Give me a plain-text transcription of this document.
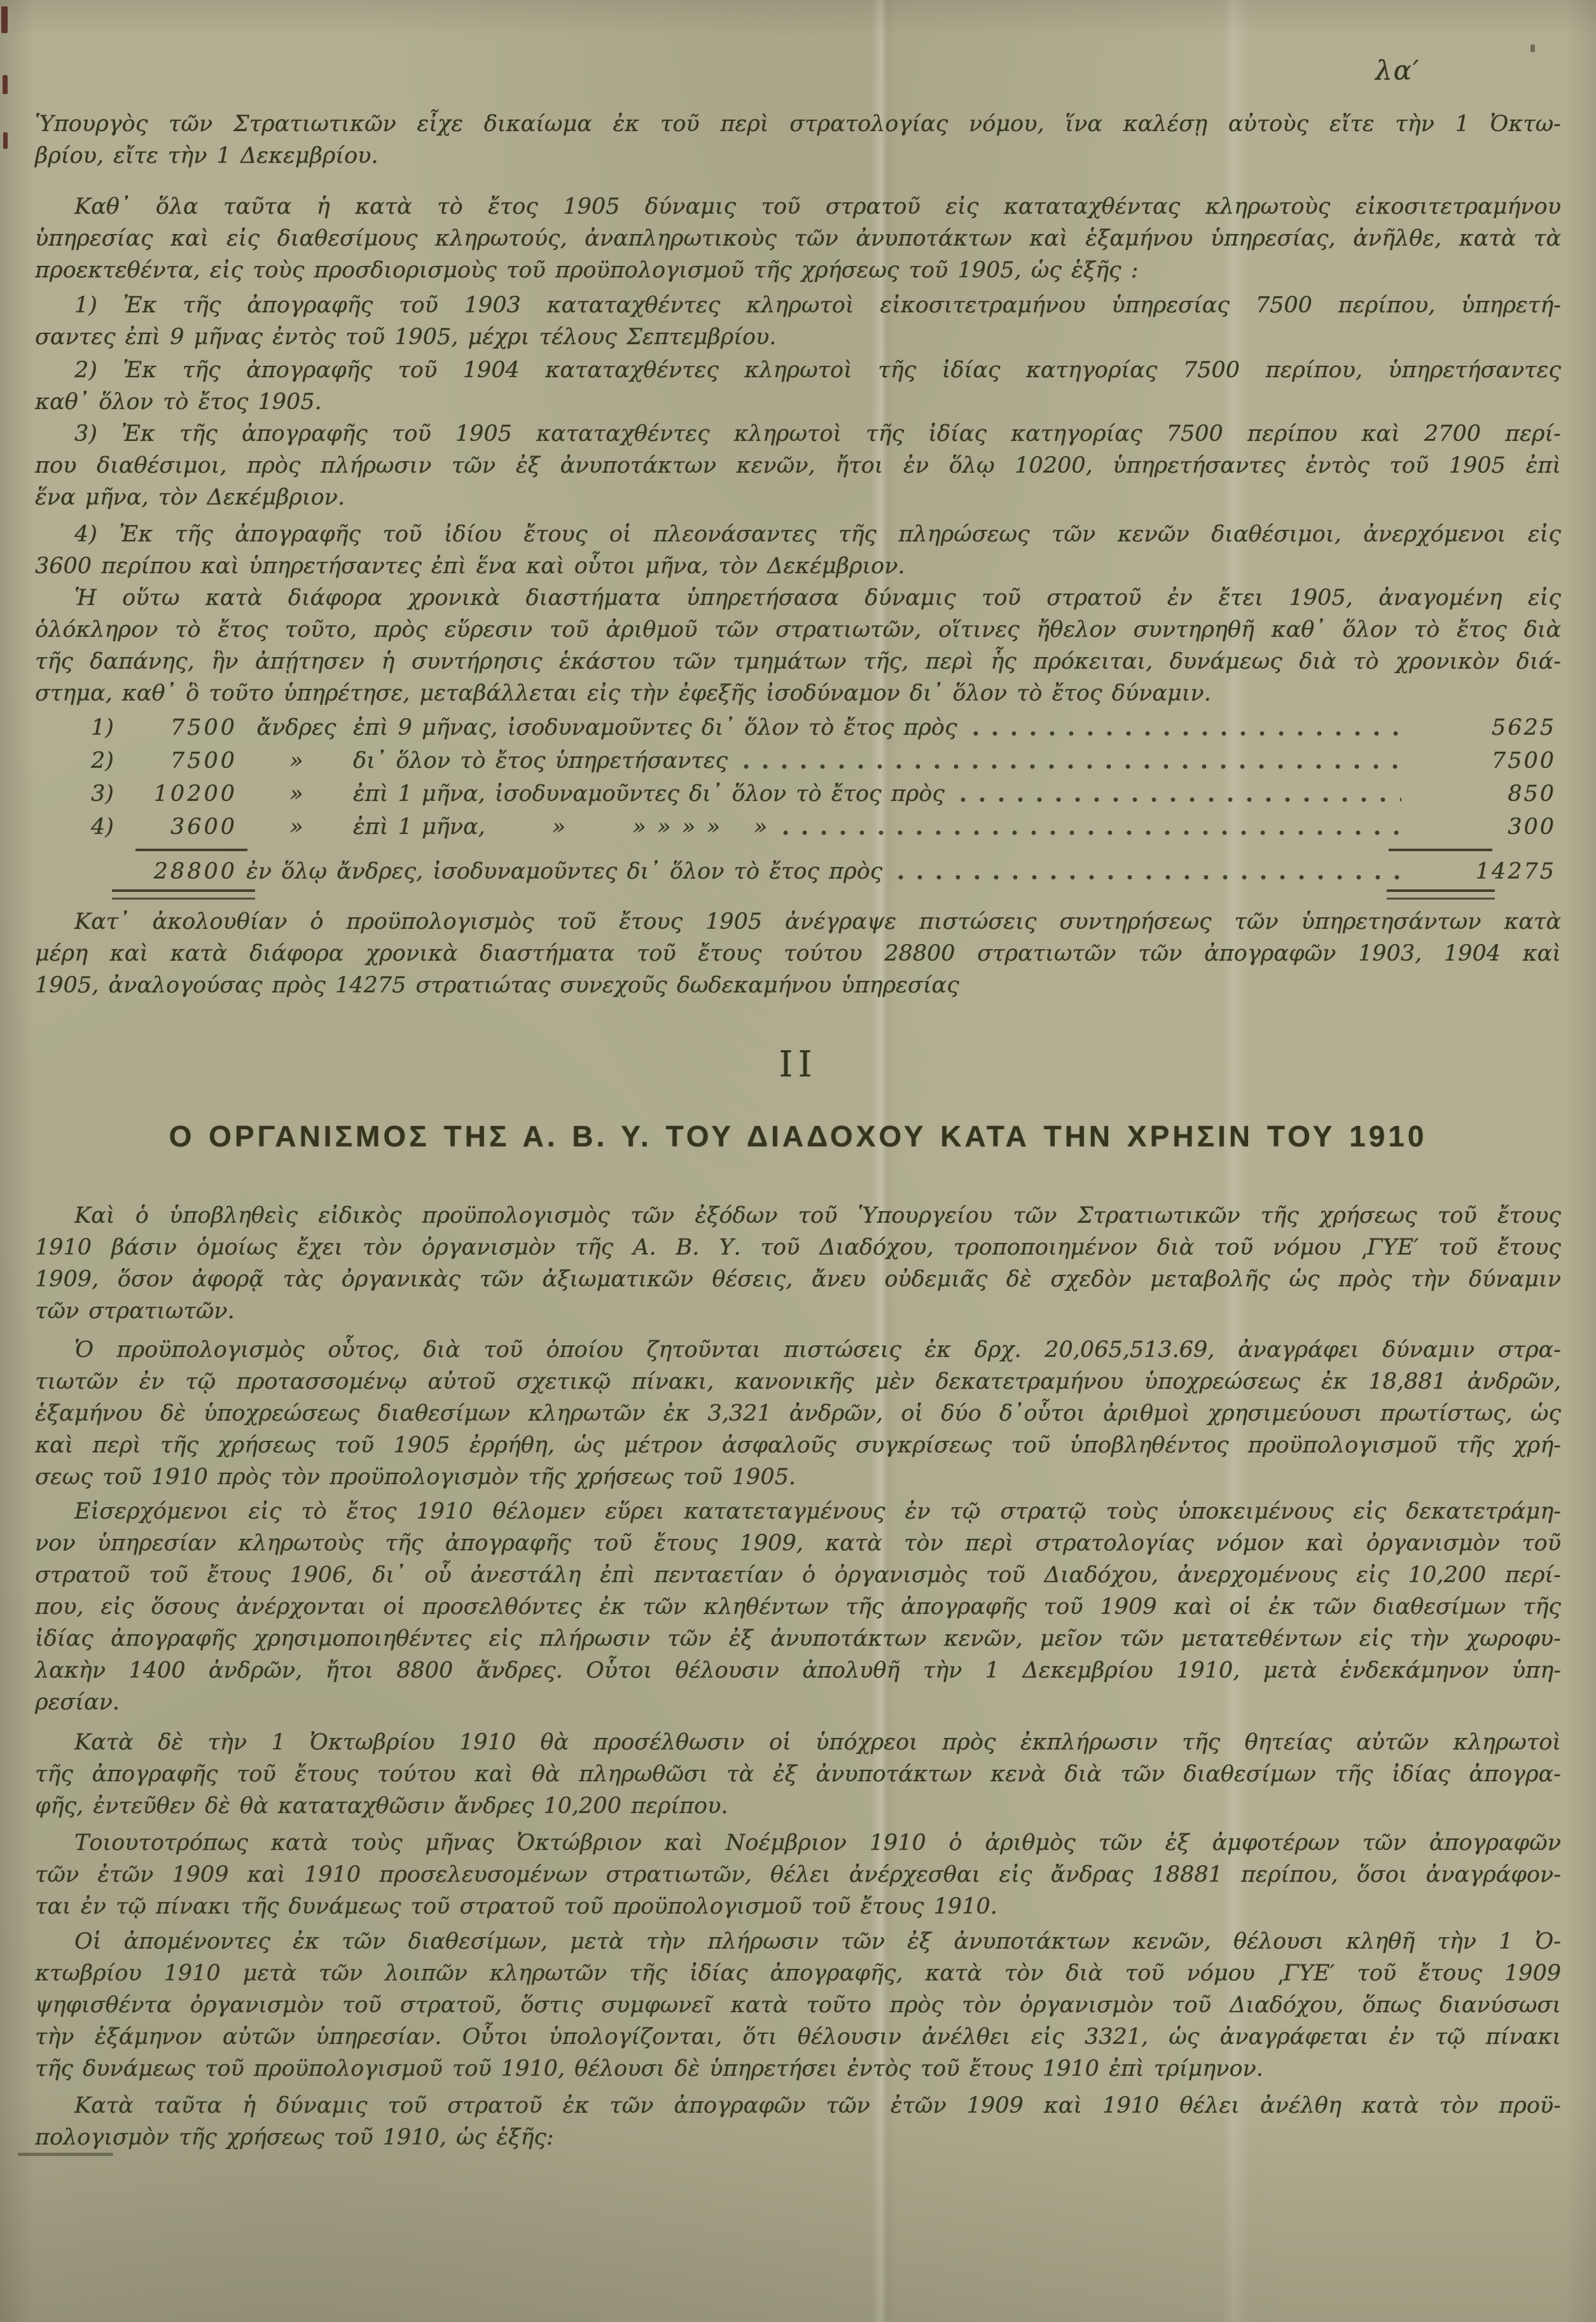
λα′
Ὑπουργὸς τῶν Στρατιωτικῶν εἶχε δικαίωμα ἐκ τοῦ περὶ στρατολογίας νόμου, ἵνα καλέσῃ αὐτοὺς εἴτε τὴν 1 Ὀκτω-
βρίου, εἴτε τὴν 1 Δεκεμβρίου.
Καθ᾽ ὅλα ταῦτα ἡ κατὰ τὸ ἔτος 1905 δύναμις τοῦ στρατοῦ εἰς καταταχθέντας κληρωτοὺς εἰκοσιτετραμήνου
ὑπηρεσίας καὶ εἰς διαθεσίμους κληρωτούς, ἀναπληρωτικοὺς τῶν ἀνυποτάκτων καὶ ἑξαμήνου ὑπηρεσίας, ἀνῆλθε, κατὰ τὰ
προεκτεθέντα, εἰς τοὺς προσδιορισμοὺς τοῦ προϋπολογισμοῦ τῆς χρήσεως τοῦ 1905, ὡς ἑξῆς :
1) Ἐκ τῆς ἀπογραφῆς τοῦ 1903 καταταχθέντες κληρωτοὶ εἰκοσιτετραμήνου ὑπηρεσίας 7500 περίπου, ὑπηρετή-
σαντες ἐπὶ 9 μῆνας ἐντὸς τοῦ 1905, μέχρι τέλους Σεπτεμβρίου.
2) Ἐκ τῆς ἀπογραφῆς τοῦ 1904 καταταχθέντες κληρωτοὶ τῆς ἰδίας κατηγορίας 7500 περίπου, ὑπηρετήσαντες
καθ᾽ ὅλον τὸ ἔτος 1905.
3) Ἐκ τῆς ἀπογραφῆς τοῦ 1905 καταταχθέντες κληρωτοὶ τῆς ἰδίας κατηγορίας 7500 περίπου καὶ 2700 περί-
που διαθέσιμοι, πρὸς πλήρωσιν τῶν ἐξ ἀνυποτάκτων κενῶν, ἤτοι ἐν ὅλῳ 10200, ὑπηρετήσαντες ἐντὸς τοῦ 1905 ἐπὶ
ἕνα μῆνα, τὸν Δεκέμβριον.
4) Ἐκ τῆς ἀπογραφῆς τοῦ ἰδίου ἔτους οἱ πλεονάσαντες τῆς πληρώσεως τῶν κενῶν διαθέσιμοι, ἀνερχόμενοι εἰς
3600 περίπου καὶ ὑπηρετήσαντες ἐπὶ ἕνα καὶ οὗτοι μῆνα, τὸν Δεκέμβριον.
Ἡ οὕτω κατὰ διάφορα χρονικὰ διαστήματα ὑπηρετήσασα δύναμις τοῦ στρατοῦ ἐν ἔτει 1905, ἀναγομένη εἰς
ὁλόκληρον τὸ ἔτος τοῦτο, πρὸς εὕρεσιν τοῦ ἀριθμοῦ τῶν στρατιωτῶν, οἵτινες ἤθελον συντηρηθῆ καθ᾽ ὅλον τὸ ἔτος διὰ
τῆς δαπάνης, ἣν ἀπῄτησεν ἡ συντήρησις ἑκάστου τῶν τμημάτων τῆς, περὶ ἧς πρόκειται, δυνάμεως διὰ τὸ χρονικὸν διά-
στημα, καθ᾽ ὃ τοῦτο ὑπηρέτησε, μεταβάλλεται εἰς τὴν ἐφεξῆς ἰσοδύναμον δι᾽ ὅλον τὸ ἔτος δύναμιν.
1)	7500 ἄνδρες ἐπὶ 9 μῆνας, ἰσοδυναμοῦντες δι᾽ ὅλον τὸ ἔτος πρὸς	5625
2)	7500	»	δι᾽ ὅλον τὸ ἔτος ὑπηρετήσαντες	7500
3)	10200	»	ἐπὶ 1 μῆνα, ἰσοδυναμοῦντες δι᾽ ὅλον τὸ ἔτος πρὸς	850
4)	3600	»	ἐπὶ 1 μῆνα,   »   » » » »  »	300
28800 ἐν ὅλῳ ἄνδρες, ἰσοδυναμοῦντες δι᾽ ὅλον τὸ ἔτος πρὸς	14275
Κατ᾽ ἀκολουθίαν ὁ προϋπολογισμὸς τοῦ ἔτους 1905 ἀνέγραψε πιστώσεις συντηρήσεως τῶν ὑπηρετησάντων κατὰ
μέρη καὶ κατὰ διάφορα χρονικὰ διαστήματα τοῦ ἔτους τούτου 28800 στρατιωτῶν τῶν ἀπογραφῶν 1903, 1904 καὶ
1905, ἀναλογούσας πρὸς 14275 στρατιώτας συνεχοῦς δωδεκαμήνου ὑπηρεσίας
II
Ο ΟΡΓΑΝΙΣΜΟΣ ΤΗΣ Α. Β. Υ. ΤΟΥ ΔΙΑΔΟΧΟΥ ΚΑΤΑ ΤΗΝ ΧΡΗΣΙΝ ΤΟΥ 1910
Καὶ ὁ ὑποβληθεὶς εἰδικὸς προϋπολογισμὸς τῶν ἐξόδων τοῦ Ὑπουργείου τῶν Στρατιωτικῶν τῆς χρήσεως τοῦ ἔτους
1910 βάσιν ὁμοίως ἔχει τὸν ὀργανισμὸν τῆς Α. Β. Υ. τοῦ Διαδόχου, τροποποιημένον διὰ τοῦ νόμου ͵ΓΥΕ′ τοῦ ἔτους
1909, ὅσον ἀφορᾷ τὰς ὀργανικὰς τῶν ἀξιωματικῶν θέσεις, ἄνευ οὐδεμιᾶς δὲ σχεδὸν μεταβολῆς ὡς πρὸς τὴν δύναμιν
τῶν στρατιωτῶν.
Ὁ προϋπολογισμὸς οὗτος, διὰ τοῦ ὁποίου ζητοῦνται πιστώσεις ἐκ δρχ. 20,065,513.69, ἀναγράφει δύναμιν στρα-
τιωτῶν ἐν τῷ προτασσομένῳ αὐτοῦ σχετικῷ πίνακι, κανονικῆς μὲν δεκατετραμήνου ὑποχρεώσεως ἐκ 18,881 ἀνδρῶν,
ἑξαμήνου δὲ ὑποχρεώσεως διαθεσίμων κληρωτῶν ἐκ 3,321 ἀνδρῶν, οἱ δύο δ᾽οὗτοι ἀριθμοὶ χρησιμεύουσι πρωτίστως, ὡς
καὶ περὶ τῆς χρήσεως τοῦ 1905 ἐρρήθη, ὡς μέτρον ἀσφαλοῦς συγκρίσεως τοῦ ὑποβληθέντος προϋπολογισμοῦ τῆς χρή-
σεως τοῦ 1910 πρὸς τὸν προϋπολογισμὸν τῆς χρήσεως τοῦ 1905.
Εἰσερχόμενοι εἰς τὸ ἔτος 1910 θέλομεν εὕρει κατατεταγμένους ἐν τῷ στρατῷ τοὺς ὑποκειμένους εἰς δεκατετράμη-
νον ὑπηρεσίαν κληρωτοὺς τῆς ἀπογραφῆς τοῦ ἔτους 1909, κατὰ τὸν περὶ στρατολογίας νόμον καὶ ὀργανισμὸν τοῦ
στρατοῦ τοῦ ἔτους 1906, δι᾽ οὗ ἀνεστάλη ἐπὶ πενταετίαν ὁ ὀργανισμὸς τοῦ Διαδόχου, ἀνερχομένους εἰς 10,200 περί-
που, εἰς ὅσους ἀνέρχονται οἱ προσελθόντες ἐκ τῶν κληθέντων τῆς ἀπογραφῆς τοῦ 1909 καὶ οἱ ἐκ τῶν διαθεσίμων τῆς
ἰδίας ἀπογραφῆς χρησιμοποιηθέντες εἰς πλήρωσιν τῶν ἐξ ἀνυποτάκτων κενῶν, μεῖον τῶν μετατεθέντων εἰς τὴν χωροφυ-
λακὴν 1400 ἀνδρῶν, ἤτοι 8800 ἄνδρες. Οὗτοι θέλουσιν ἀπολυθῆ τὴν 1 Δεκεμβρίου 1910, μετὰ ἑνδεκάμηνον ὑπη-
ρεσίαν.
Κατὰ δὲ τὴν 1 Ὀκτωβρίου 1910 θὰ προσέλθωσιν οἱ ὑπόχρεοι πρὸς ἐκπλήρωσιν τῆς θητείας αὐτῶν κληρωτοὶ
τῆς ἀπογραφῆς τοῦ ἔτους τούτου καὶ θὰ πληρωθῶσι τὰ ἐξ ἀνυποτάκτων κενὰ διὰ τῶν διαθεσίμων τῆς ἰδίας ἀπογρα-
φῆς, ἐντεῦθεν δὲ θὰ καταταχθῶσιν ἄνδρες 10,200 περίπου.
Τοιουτοτρόπως κατὰ τοὺς μῆνας Ὀκτώβριον καὶ Νοέμβριον 1910 ὁ ἀριθμὸς τῶν ἐξ ἀμφοτέρων τῶν ἀπογραφῶν
τῶν ἐτῶν 1909 καὶ 1910 προσελευσομένων στρατιωτῶν, θέλει ἀνέρχεσθαι εἰς ἄνδρας 18881 περίπου, ὅσοι ἀναγράφον-
ται ἐν τῷ πίνακι τῆς δυνάμεως τοῦ στρατοῦ τοῦ προϋπολογισμοῦ τοῦ ἔτους 1910.
Οἱ ἀπομένοντες ἐκ τῶν διαθεσίμων, μετὰ τὴν πλήρωσιν τῶν ἐξ ἀνυποτάκτων κενῶν, θέλουσι κληθῆ τὴν 1 Ὀ-
κτωβρίου 1910 μετὰ τῶν λοιπῶν κληρωτῶν τῆς ἰδίας ἀπογραφῆς, κατὰ τὸν διὰ τοῦ νόμου ͵ΓΥΕ′ τοῦ ἔτους 1909
ψηφισθέντα ὀργανισμὸν τοῦ στρατοῦ, ὅστις συμφωνεῖ κατὰ τοῦτο πρὸς τὸν ὀργανισμὸν τοῦ Διαδόχου, ὅπως διανύσωσι
τὴν ἑξάμηνον αὐτῶν ὑπηρεσίαν. Οὗτοι ὑπολογίζονται, ὅτι θέλουσιν ἀνέλθει εἰς 3321, ὡς ἀναγράφεται ἐν τῷ πίνακι
τῆς δυνάμεως τοῦ προϋπολογισμοῦ τοῦ 1910, θέλουσι δὲ ὑπηρετήσει ἐντὸς τοῦ ἔτους 1910 ἐπὶ τρίμηνον.
Κατὰ ταῦτα ἡ δύναμις τοῦ στρατοῦ ἐκ τῶν ἀπογραφῶν τῶν ἐτῶν 1909 καὶ 1910 θέλει ἀνέλθη κατὰ τὸν προϋ-
πολογισμὸν τῆς χρήσεως τοῦ 1910, ὡς ἑξῆς:
